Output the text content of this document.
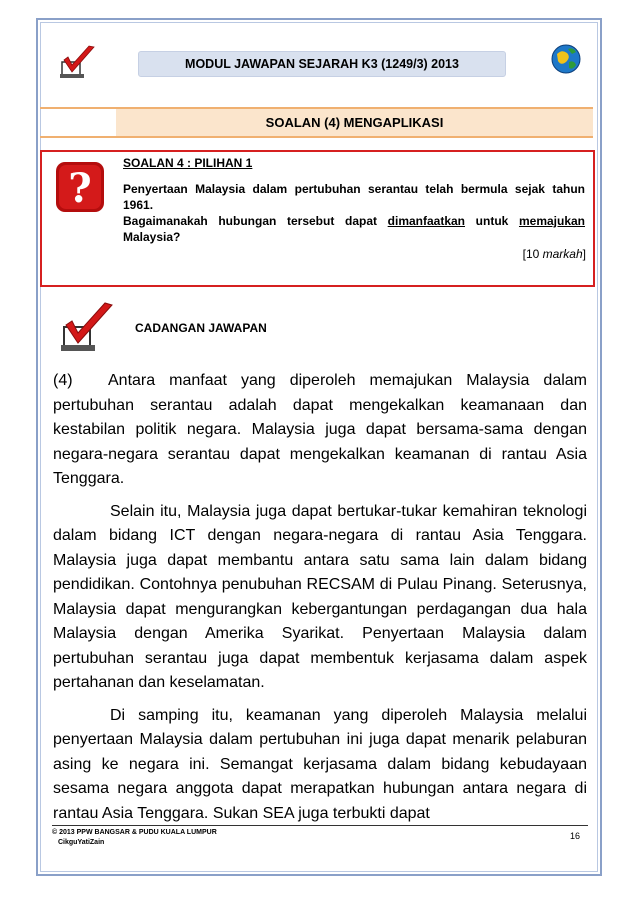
MODUL JAWAPAN SEJARAH K3 (1249/3) 2013
SOALAN (4) MENGAPLIKASI
?
SOALAN 4 : PILIHAN 1

Penyertaan Malaysia dalam pertubuhan serantau telah bermula sejak tahun 1961.

Bagaimanakah hubungan tersebut dapat dimanfaatkan untuk memajukan Malaysia?

[10 markah]
CADANGAN JAWAPAN

(4) Antara manfaat yang diperoleh memajukan Malaysia dalam pertubuhan serantau adalah dapat mengekalkan keamanaan dan kestabilan politik negara. Malaysia juga dapat bersama-sama dengan negara-negara serantau dapat mengekalkan keamanan di rantau Asia Tenggara.

Selain itu, Malaysia juga dapat bertukar-tukar kemahiran teknologi dalam bidang ICT dengan negara-negara di rantau Asia Tenggara. Malaysia juga dapat membantu antara satu sama lain dalam bidang pendidikan. Contohnya penubuhan RECSAM di Pulau Pinang. Seterusnya, Malaysia dapat mengurangkan kebergantungan perdagangan dua hala Malaysia dengan Amerika Syarikat. Penyertaan Malaysia dalam pertubuhan serantau juga dapat membentuk kerjasama dalam aspek pertahanan dan keselamatan.

Di samping itu, keamanan yang diperoleh Malaysia melalui penyertaan Malaysia dalam pertubuhan ini juga dapat menarik pelaburan asing ke negara ini. Semangat kerjasama dalam bidang kebudayaan sesama negara anggota dapat merapatkan hubungan antara negara di rantau Asia Tenggara. Sukan SEA juga terbukti dapat

© 2013 PPW BANGSAR & PUDU KUALA LUMPUR
CikguYatiZain
16
